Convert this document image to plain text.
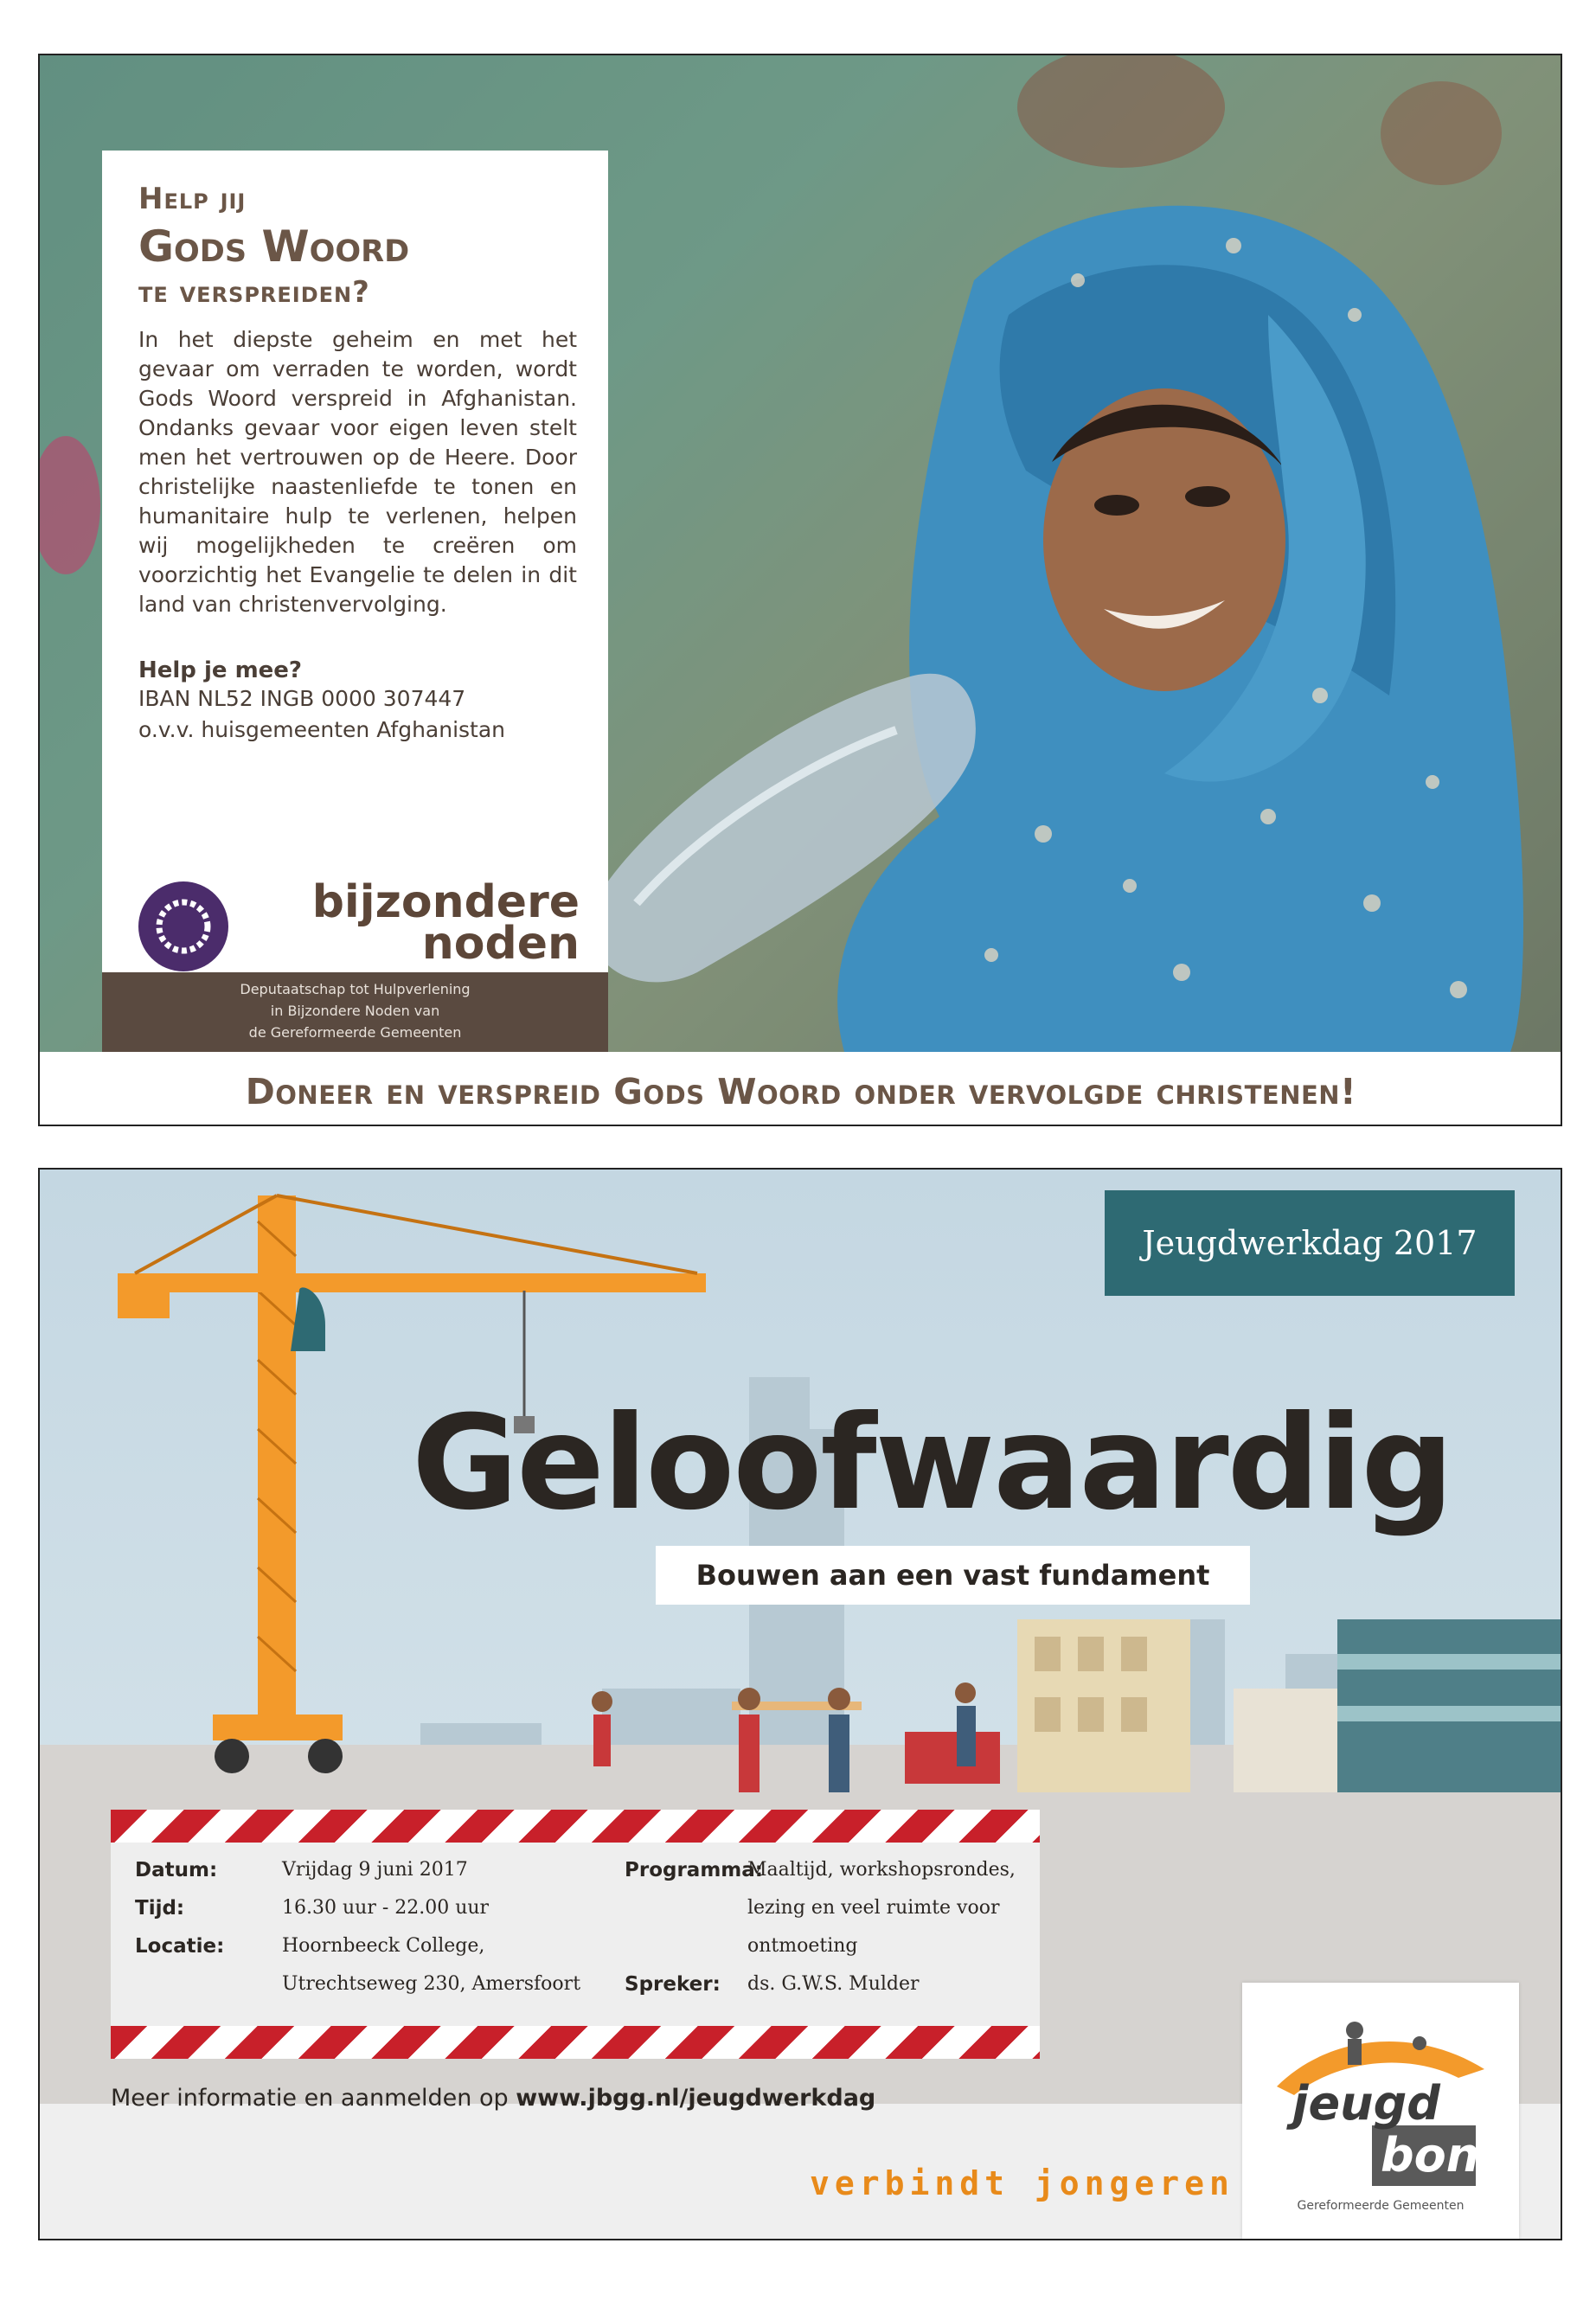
Help jij
Gods Woord
te verspreiden?
In het diepste geheim en met het gevaar om verraden te worden, wordt Gods Woord verspreid in Afghanistan. Ondanks gevaar voor eigen leven stelt men het vertrouwen op de Heere. Door christelijke naastenliefde te tonen en humanitaire hulp te verlenen, helpen wij mogelijkheden te creëren om voorzichtig het Evangelie te delen in dit land van christenvervolging.
Help je mee?
IBAN NL52 INGB 0000 307447
o.v.v. huisgemeenten Afghanistan
bijzondere
noden
Deputaatschap tot Hulpverlening
in Bijzondere Noden van
de Gereformeerde Gemeenten
Doneer en verspreid Gods Woord onder vervolgde christenen!
Jeugdwerkdag 2017
Geloofwaardig
Bouwen aan een vast fundament
Datum:
Tijd:
Locatie:
Vrijdag 9 juni 2017
16.30 uur - 22.00 uur
Hoornbeeck College,
Utrechtseweg 230, Amersfoort
Programma:
Spreker:
Maaltijd, workshopsrondes,
lezing en veel ruimte voor
ontmoeting
ds. G.W.S. Mulder
Meer informatie en aanmelden op www.jbgg.nl/jeugdwerkdag
verbindt jongeren
jeugd
bond
Gereformeerde Gemeenten
